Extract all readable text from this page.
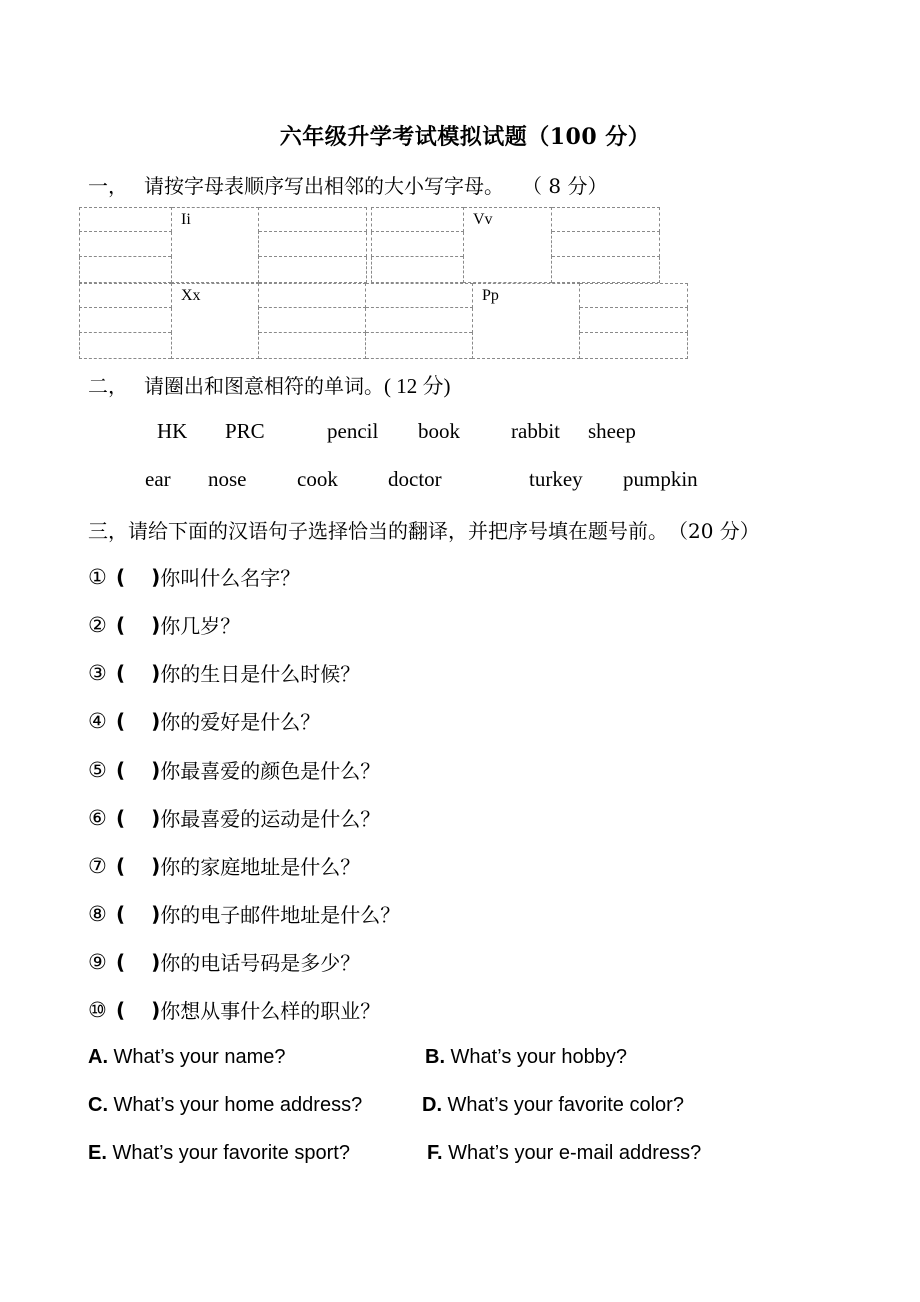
六年级升学考试模拟试题（100 分）
一， 请按字母表顺序写出相邻的大小写字母。 （ 8 分）
	Ii	

		Vv	

	Xx			Pp	

二， 请圈出和图意相符的单词。( 12 分)
HK PRC	pencil book rabbit sheep
ear nose cook doctor	turkey pumpkin
三，请给下面的汉语句子选择恰当的翻译，并把序号填在题号前。（20 分）
① ( ) 你叫什么名字？
② ( ) 你几岁？
③ ( ) 你的生日是什么时候？
④ ( ) 你的爱好是什么？
⑤ ( ) 你最喜爱的颜色是什么？
⑥ ( ) 你最喜爱的运动是什么？
⑦ ( ) 你的家庭地址是什么？
⑧ ( ) 你的电子邮件地址是什么？
⑨ ( ) 你的电话号码是多少？
⑩ ( ) 你想从事什么样的职业？
A. What’s your name?	B. What’s your hobby?
C. What’s your home address?	D. What’s your favorite color?
E. What’s your favorite sport?	F. What’s your e-mail address?
